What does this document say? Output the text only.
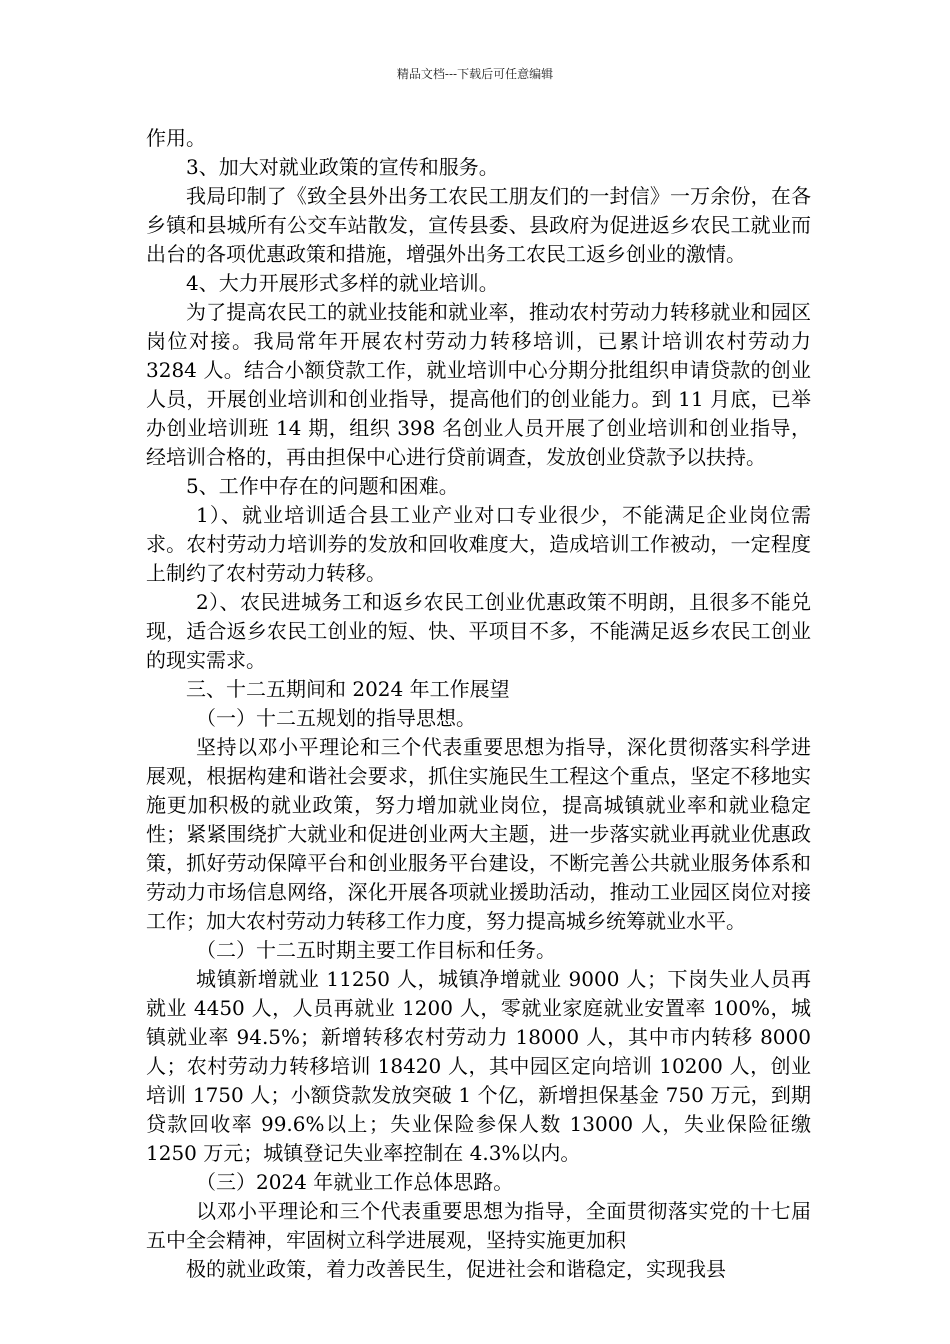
精品文档---下载后可任意编辑

作用。

3、加大对就业政策的宣传和服务。

我局印制了《致全县外出务工农民工朋友们的一封信》一万余份，在各乡镇和县城所有公交车站散发，宣传县委、县政府为促进返乡农民工就业而出台的各项优惠政策和措施，增强外出务工农民工返乡创业的激情。

4、大力开展形式多样的就业培训。

为了提高农民工的就业技能和就业率，推动农村劳动力转移就业和园区岗位对接。我局常年开展农村劳动力转移培训，已累计培训农村劳动力 3284 人。结合小额贷款工作，就业培训中心分期分批组织申请贷款的创业人员，开展创业培训和创业指导，提高他们的创业能力。到 11 月底，已举办创业培训班 14 期，组织 398 名创业人员开展了创业培训和创业指导，经培训合格的，再由担保中心进行贷前调查，发放创业贷款予以扶持。

5、工作中存在的问题和困难。

1）、就业培训适合县工业产业对口专业很少，不能满足企业岗位需求。农村劳动力培训券的发放和回收难度大，造成培训工作被动，一定程度上制约了农村劳动力转移。

2）、农民进城务工和返乡农民工创业优惠政策不明朗，且很多不能兑现，适合返乡农民工创业的短、快、平项目不多，不能满足返乡农民工创业的现实需求。

三、十二五期间和 2024 年工作展望

（一）十二五规划的指导思想。

坚持以邓小平理论和三个代表重要思想为指导，深化贯彻落实科学进展观，根据构建和谐社会要求，抓住实施民生工程这个重点，坚定不移地实施更加积极的就业政策，努力增加就业岗位，提高城镇就业率和就业稳定性；紧紧围绕扩大就业和促进创业两大主题，进一步落实就业再就业优惠政策，抓好劳动保障平台和创业服务平台建设，不断完善公共就业服务体系和劳动力市场信息网络，深化开展各项就业援助活动，推动工业园区岗位对接工作；加大农村劳动力转移工作力度，努力提高城乡统筹就业水平。

（二）十二五时期主要工作目标和任务。

城镇新增就业 11250 人，城镇净增就业 9000 人；下岗失业人员再就业 4450 人，人员再就业 1200 人，零就业家庭就业安置率 100%，城镇就业率 94.5%；新增转移农村劳动力 18000 人，其中市内转移 8000 人；农村劳动力转移培训 18420 人，其中园区定向培训 10200 人，创业培训 1750 人；小额贷款发放突破 1 个亿，新增担保基金 750 万元，到期贷款回收率 99.6%以上；失业保险参保人数 13000 人，失业保险征缴 1250 万元；城镇登记失业率控制在 4.3%以内。

（三）2024 年就业工作总体思路。

以邓小平理论和三个代表重要思想为指导，全面贯彻落实党的十七届五中全会精神，牢固树立科学进展观，坚持实施更加积

极的就业政策，着力改善民生，促进社会和谐稳定，实现我县
